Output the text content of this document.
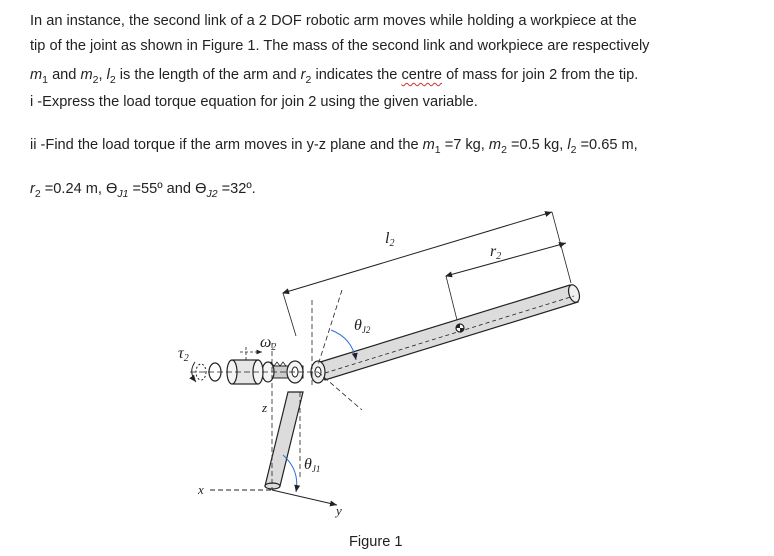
In an instance, the second link of a 2 DOF robotic arm moves while holding a workpiece at the
tip of the joint as shown in Figure 1. The mass of the second link and workpiece are respectively
$m_1$ and $m_2$, $l_2$ is the length of the arm and $r_2$ indicates the centre of mass for join 2 from the tip.
i -Express the load torque equation for join 2 using the given variable.
ii -Find the load torque if the arm moves in y-z plane and the $m_1 =7$ kg, $m_2 =0.5$ kg, $l_2 =0.65$ m,
$r_2 =0.24$ m, $ϴ_{J1}$ =55º and $ϴ_{J2}$ =32º.
l2	r2
θJ2
θJ1
ω2
τ2
z
x
y
Figure 1
